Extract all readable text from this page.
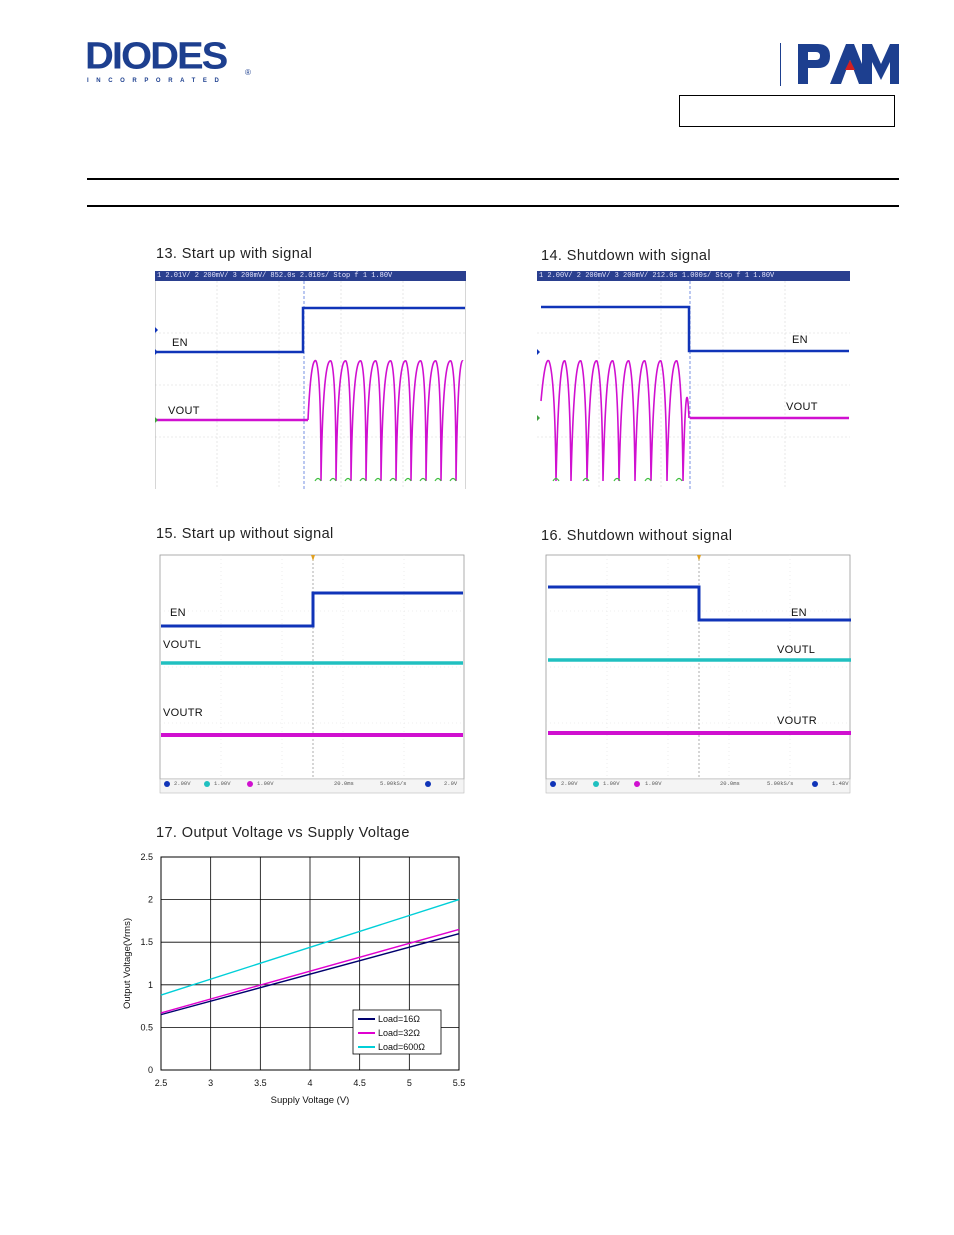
DIODES ®
INCORPORATED
13. Start up with signal
1 2.01V/ 2 200mV/ 3 200mV/ 852.0s 2.010s/ Stop f 1 1.80V
EN
VOUT
14. Shutdown with signal
1 2.00V/ 2 200mV/ 3 200mV/ 212.0s 1.000s/ Stop f 1 1.80V
EN
VOUT
15. Start up without signal
2.00V	1.00V	1.00V	20.0ms	5.00kS/s	2.0V
EN
VOUTL
VOUTR
16. Shutdown without signal
2.00V	1.00V	1.00V	20.0ms	5.00kS/s	1.48V
EN
VOUTL
VOUTR
17. Output Voltage vs Supply Voltage
2.5	3	3.5	4	4.5	5	5.5
0
0.5
1
1.5
2
2.5
Load=16Ω
Load=32Ω
Load=600Ω
Supply Voltage (V)
Output Voltage(Vrms)
